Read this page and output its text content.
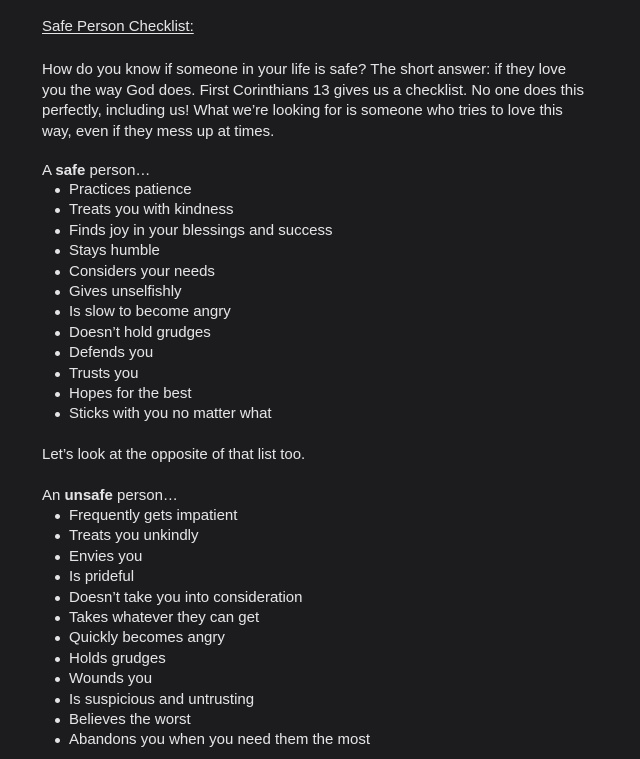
Safe Person Checklist:

How do you know if someone in your life is safe? The short answer: if they love you the way God does. First Corinthians 13 gives us a checklist. No one does this perfectly, including us! What we’re looking for is someone who tries to love this way, even if they mess up at times.

A safe person…
Practices patience
Treats you with kindness
Finds joy in your blessings and success
Stays humble
Considers your needs
Gives unselfishly
Is slow to become angry
Doesn’t hold grudges
Defends you
Trusts you
Hopes for the best
Sticks with you no matter what
Let’s look at the opposite of that list too.
An unsafe person…
Frequently gets impatient
Treats you unkindly
Envies you
Is prideful
Doesn’t take you into consideration
Takes whatever they can get
Quickly becomes angry
Holds grudges
Wounds you
Is suspicious and untrusting
Believes the worst
Abandons you when you need them the most
